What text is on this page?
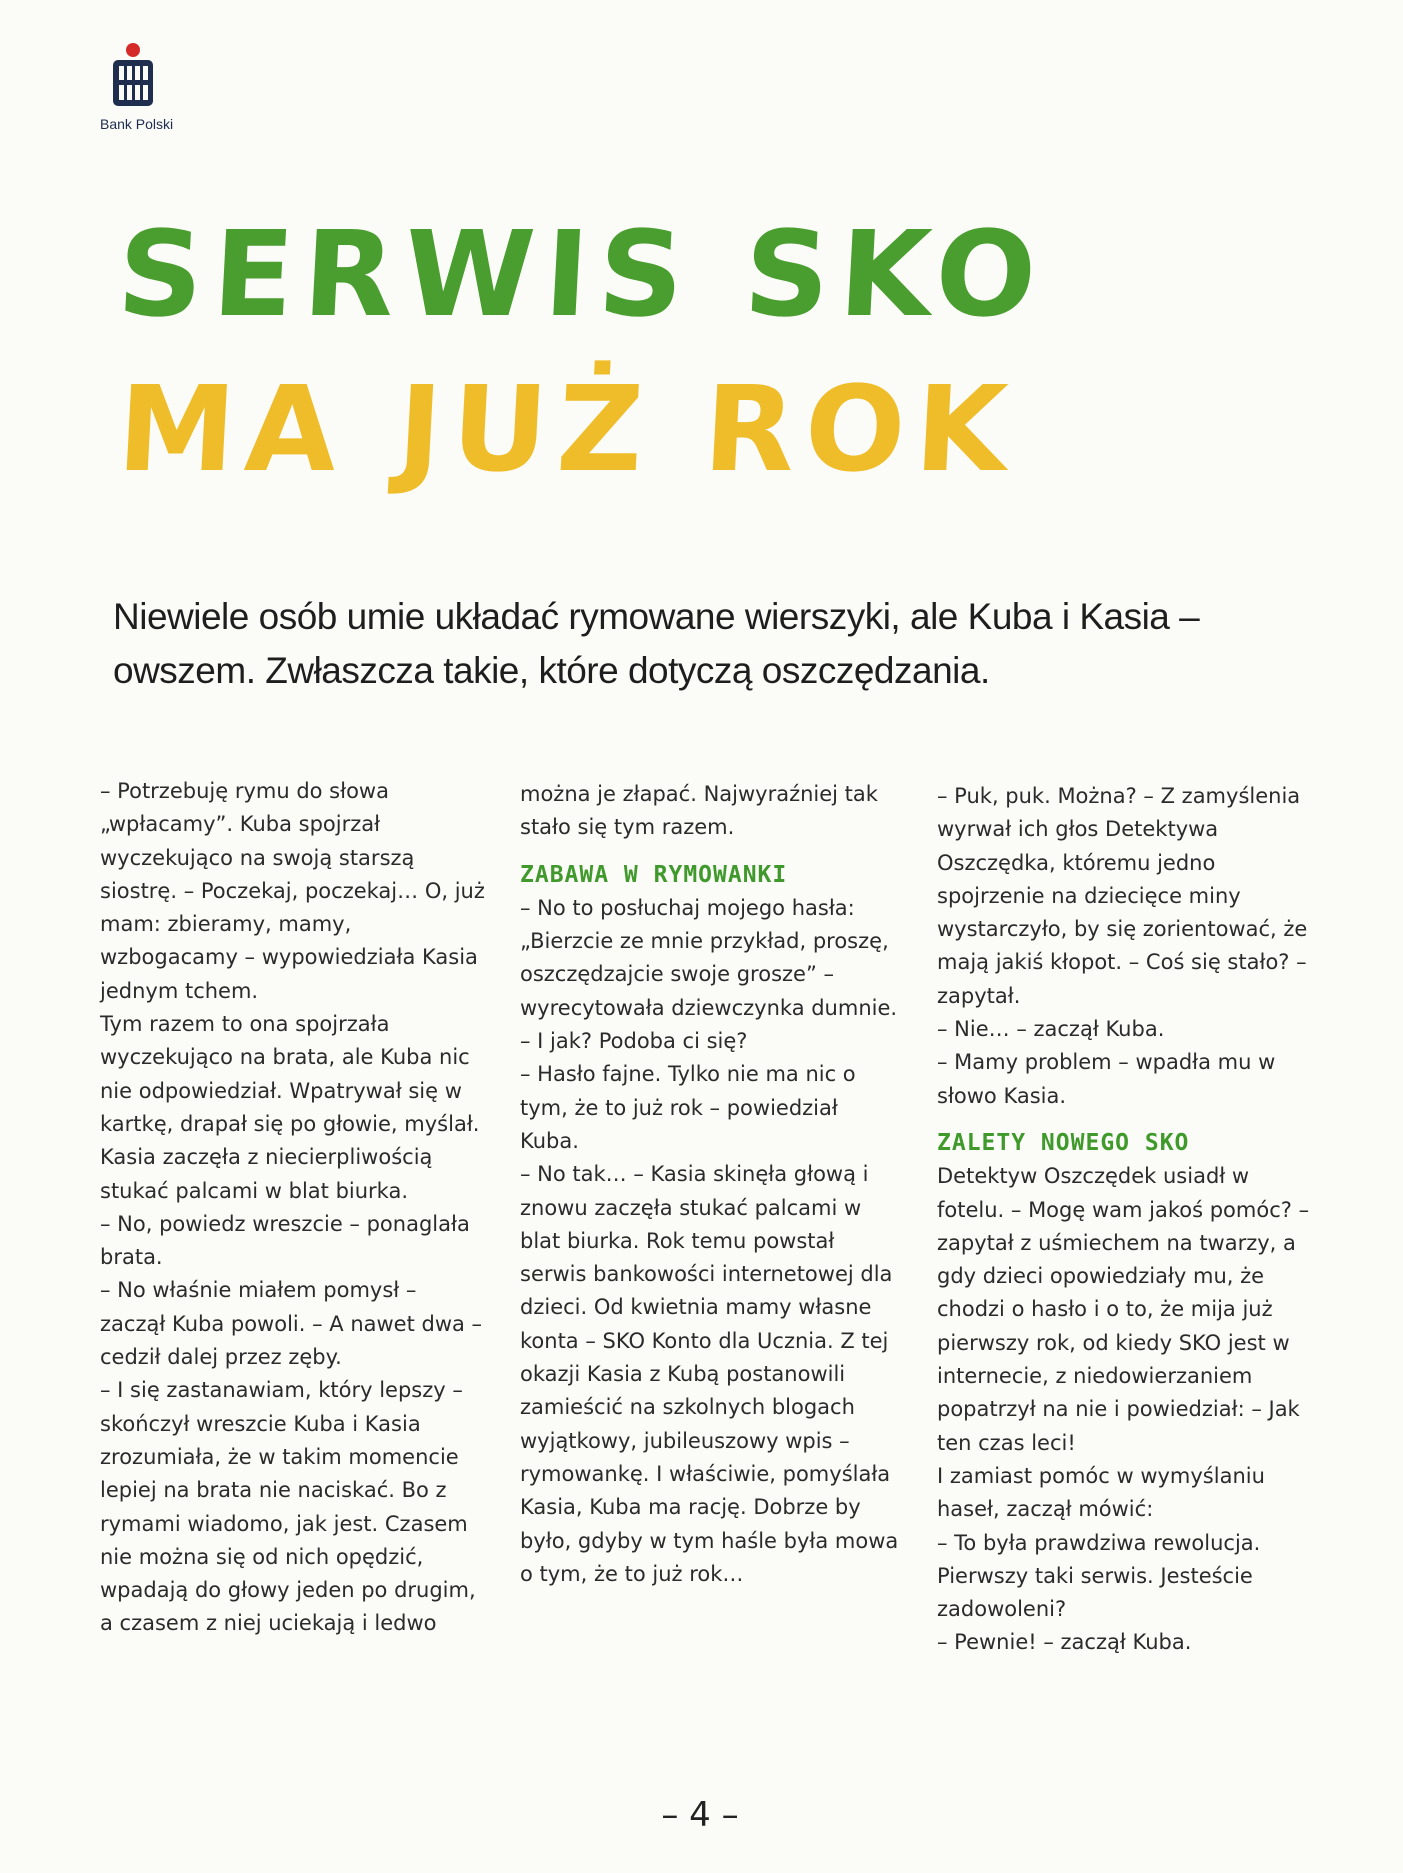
Bank Polski
SERWIS SKO
MA JUŻ ROK
Niewiele osób umie układać rymowane wierszyki, ale Kuba i Kasia – owszem. Zwłaszcza takie, które dotyczą oszczędzania.

– Potrzebuję rymu do słowa „wpłacamy”. Kuba spojrzał wyczekująco na swoją starszą siostrę. – Poczekaj, poczekaj… O, już mam: zbieramy, mamy, wzbogacamy – wypowiedziała Kasia jednym tchem.

Tym razem to ona spojrzała wyczekująco na brata, ale Kuba nic nie odpowiedział. Wpatrywał się w kartkę, drapał się po głowie, myślał. Kasia zaczęła z niecierpliwością stukać palcami w blat biurka.

– No, powiedz wreszcie – ponaglała brata.

– No właśnie miałem pomysł – zaczął Kuba powoli. – A nawet dwa – cedził dalej przez zęby.

– I się zastanawiam, który lepszy – skończył wreszcie Kuba i Kasia zrozumiała, że w takim momencie lepiej na brata nie naciskać. Bo z rymami wiadomo, jak jest. Czasem nie można się od nich opędzić, wpadają do głowy jeden po drugim, a czasem z niej uciekają i ledwo

można je złapać. Najwyraźniej tak stało się tym razem.

ZABAWA W RYMOWANKI

– No to posłuchaj mojego hasła: „Bierzcie ze mnie przykład, proszę, oszczędzajcie swoje grosze” – wyrecytowała dziewczynka dumnie. – I jak? Podoba ci się?

– Hasło fajne. Tylko nie ma nic o tym, że to już rok – powiedział Kuba.

– No tak… – Kasia skinęła głową i znowu zaczęła stukać palcami w blat biurka. Rok temu powstał serwis bankowości internetowej dla dzieci. Od kwietnia mamy własne konta – SKO Konto dla Ucznia. Z tej okazji Kasia z Kubą postanowili zamieścić na szkolnych blogach wyjątkowy, jubileuszowy wpis – rymowankę. I właściwie, pomyślała Kasia, Kuba ma rację. Dobrze by było, gdyby w tym haśle była mowa o tym, że to już rok…

– Puk, puk. Można? – Z zamyślenia wyrwał ich głos Detektywa Oszczędka, któremu jedno spojrzenie na dziecięce miny wystarczyło, by się zorientować, że mają jakiś kłopot. – Coś się stało? – zapytał.

– Nie… – zaczął Kuba.

– Mamy problem – wpadła mu w słowo Kasia.

ZALETY NOWEGO SKO

Detektyw Oszczędek usiadł w fotelu. – Mogę wam jakoś pomóc? – zapytał z uśmiechem na twarzy, a gdy dzieci opowiedziały mu, że chodzi o hasło i o to, że mija już pierwszy rok, od kiedy SKO jest w internecie, z niedowierzaniem popatrzył na nie i powiedział: – Jak ten czas leci!

I zamiast pomóc w wymyślaniu haseł, zaczął mówić:

– To była prawdziwa rewolucja. Pierwszy taki serwis. Jesteście zadowoleni?

– Pewnie! – zaczął Kuba.

– 4 –
